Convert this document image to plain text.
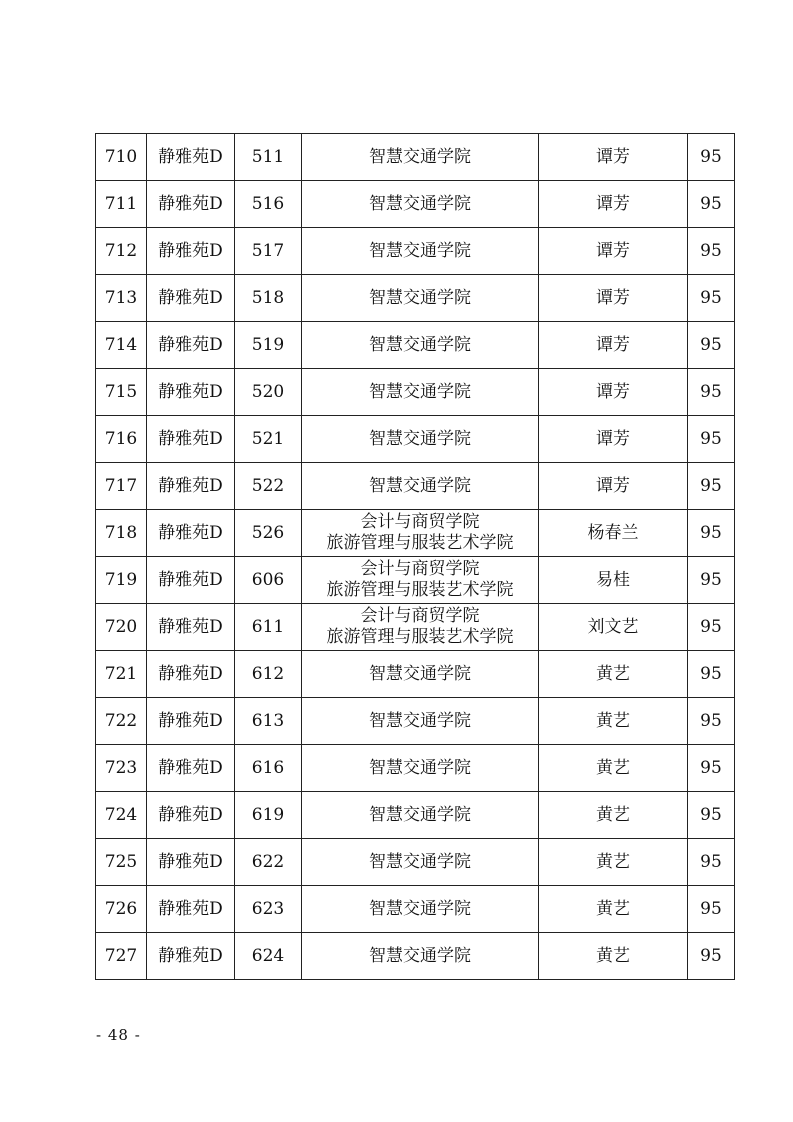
710	静雅苑D	511	智慧交通学院	谭芳	95
711	静雅苑D	516	智慧交通学院	谭芳	95
712	静雅苑D	517	智慧交通学院	谭芳	95
713	静雅苑D	518	智慧交通学院	谭芳	95
714	静雅苑D	519	智慧交通学院	谭芳	95
715	静雅苑D	520	智慧交通学院	谭芳	95
716	静雅苑D	521	智慧交通学院	谭芳	95
717	静雅苑D	522	智慧交通学院	谭芳	95
718	静雅苑D	526	会计与商贸学院
旅游管理与服装艺术学院	杨春兰	95
719	静雅苑D	606	会计与商贸学院
旅游管理与服装艺术学院	易桂	95
720	静雅苑D	611	会计与商贸学院
旅游管理与服装艺术学院	刘文艺	95
721	静雅苑D	612	智慧交通学院	黄艺	95
722	静雅苑D	613	智慧交通学院	黄艺	95
723	静雅苑D	616	智慧交通学院	黄艺	95
724	静雅苑D	619	智慧交通学院	黄艺	95
725	静雅苑D	622	智慧交通学院	黄艺	95
726	静雅苑D	623	智慧交通学院	黄艺	95
727	静雅苑D	624	智慧交通学院	黄艺	95
- 48 -
